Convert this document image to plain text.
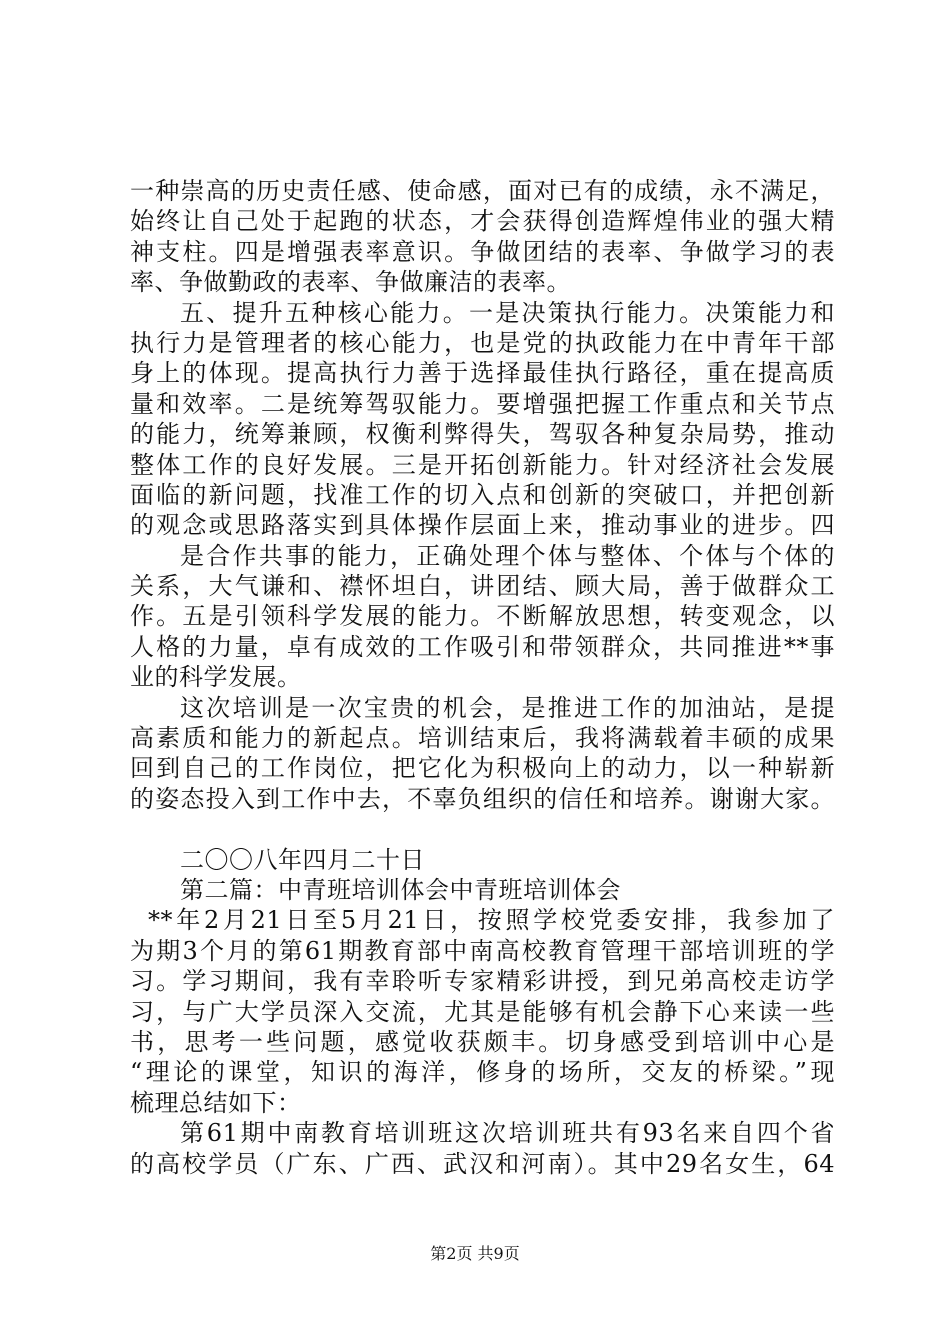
一种崇高的历史责任感、使命感，面对已有的成绩，永不满足，
始终让自己处于起跑的状态，才会获得创造辉煌伟业的强大精
神支柱。四是增强表率意识。争做团结的表率、争做学习的表
率、争做勤政的表率、争做廉洁的表率。
五、提升五种核心能力。一是决策执行能力。决策能力和
执行力是管理者的核心能力，也是党的执政能力在中青年干部
身上的体现。提高执行力善于选择最佳执行路径，重在提高质
量和效率。二是统筹驾驭能力。要增强把握工作重点和关节点
的能力，统筹兼顾，权衡利弊得失，驾驭各种复杂局势，推动
整体工作的良好发展。三是开拓创新能力。针对经济社会发展
面临的新问题，找准工作的切入点和创新的突破口，并把创新
的观念或思路落实到具体操作层面上来，推动事业的进步。四
是合作共事的能力，正确处理个体与整体、个体与个体的
关系，大气谦和、襟怀坦白，讲团结、顾大局，善于做群众工
作。五是引领科学发展的能力。不断解放思想，转变观念，以
人格的力量，卓有成效的工作吸引和带领群众，共同推进**事
业的科学发展。
这次培训是一次宝贵的机会，是推进工作的加油站，是提
高素质和能力的新起点。培训结束后，我将满载着丰硕的成果
回到自己的工作岗位，把它化为积极向上的动力，以一种崭新
的姿态投入到工作中去，不辜负组织的信任和培养。谢谢大家。
二〇〇八年四月二十日
第二篇：中青班培训体会中青班培训体会
**年2月21日至5月21日，按照学校党委安排，我参加了
为期3个月的第61期教育部中南高校教育管理干部培训班的学
习。学习期间，我有幸聆听专家精彩讲授，到兄弟高校走访学
习，与广大学员深入交流，尤其是能够有机会静下心来读一些
书，思考一些问题，感觉收获颇丰。切身感受到培训中心是
“理论的课堂，知识的海洋，修身的场所，交友的桥梁。”现
梳理总结如下：
第61期中南教育培训班这次培训班共有93名来自四个省
的高校学员（广东、广西、武汉和河南）。其中29名女生，64
第2页 共9页
